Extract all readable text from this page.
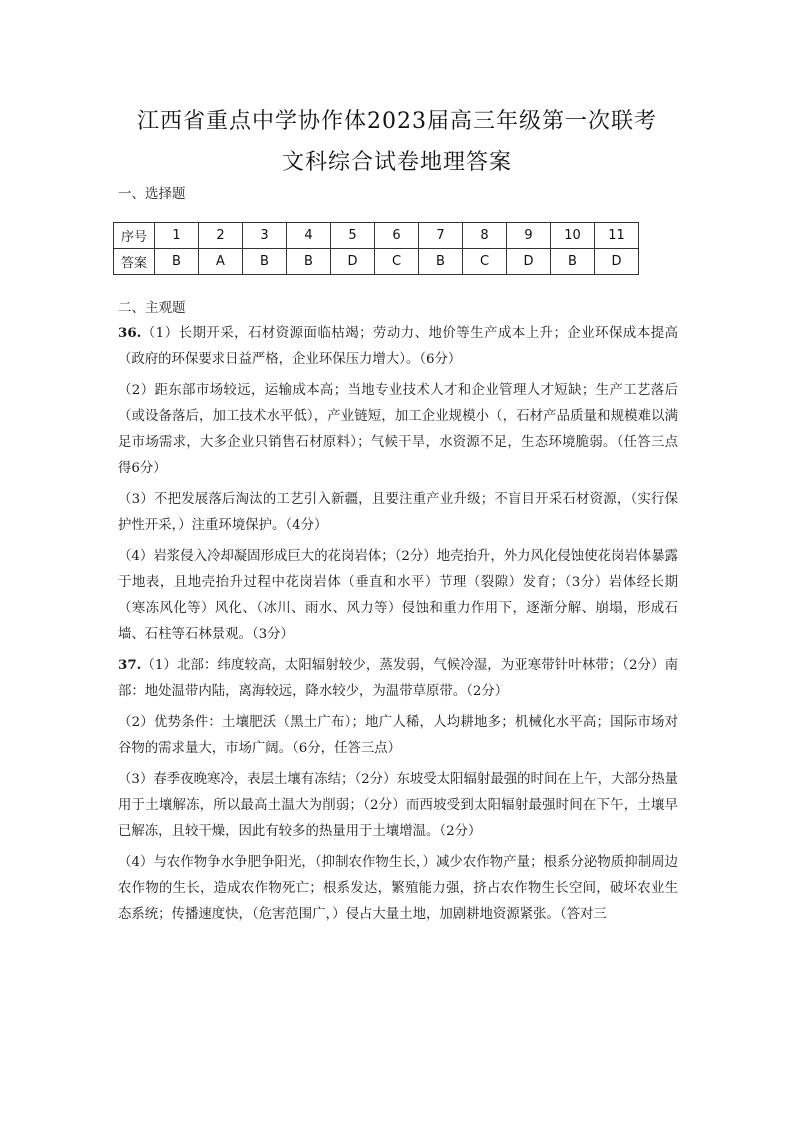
江西省重点中学协作体2023届高三年级第一次联考
文科综合试卷地理答案
一、选择题
序号	1	2	3	4	5	6	7	8	9	10	11
答案	B	A	B	B	D	C	B	C	D	B	D
二、主观题

36.（1）长期开采，石材资源面临枯竭；劳动力、地价等生产成本上升；企业环保成本提高（政府的环保要求日益严格，企业环保压力增大）。（6分）

（2）距东部市场较远，运输成本高；当地专业技术人才和企业管理人才短缺；生产工艺落后（或设备落后，加工技术水平低），产业链短，加工企业规模小（，石材产品质量和规模难以满足市场需求，大多企业只销售石材原料）；气候干旱，水资源不足，生态环境脆弱。（任答三点得6分）

（3）不把发展落后淘汰的工艺引入新疆，且要注重产业升级；不盲目开采石材资源，（实行保护性开采，）注重环境保护。（4分）

（4）岩浆侵入冷却凝固形成巨大的花岗岩体；（2分）地壳抬升，外力风化侵蚀使花岗岩体暴露于地表，且地壳抬升过程中花岗岩体（垂直和水平）节理（裂隙）发育；（3分）岩体经长期（寒冻风化等）风化、（冰川、雨水、风力等）侵蚀和重力作用下，逐渐分解、崩塌，形成石墙、石柱等石林景观。（3分）

37.（1）北部：纬度较高，太阳辐射较少，蒸发弱，气候冷湿，为亚寒带针叶林带；（2分）南部：地处温带内陆，离海较远，降水较少，为温带草原带。（2分）

（2）优势条件：土壤肥沃（黑土广布）；地广人稀，人均耕地多；机械化水平高；国际市场对谷物的需求量大，市场广阔。（6分，任答三点）

（3）春季夜晚寒冷，表层土壤有冻结；（2分）东坡受太阳辐射最强的时间在上午，大部分热量用于土壤解冻，所以最高土温大为削弱；（2分）而西坡受到太阳辐射最强时间在下午，土壤早已解冻，且较干燥，因此有较多的热量用于土壤增温。（2分）

（4）与农作物争水争肥争阳光，（抑制农作物生长，）减少农作物产量；根系分泌物质抑制周边农作物的生长，造成农作物死亡；根系发达，繁殖能力强，挤占农作物生长空间，破坏农业生态系统；传播速度快，（危害范围广，）侵占大量土地，加剧耕地资源紧张。（答对三
